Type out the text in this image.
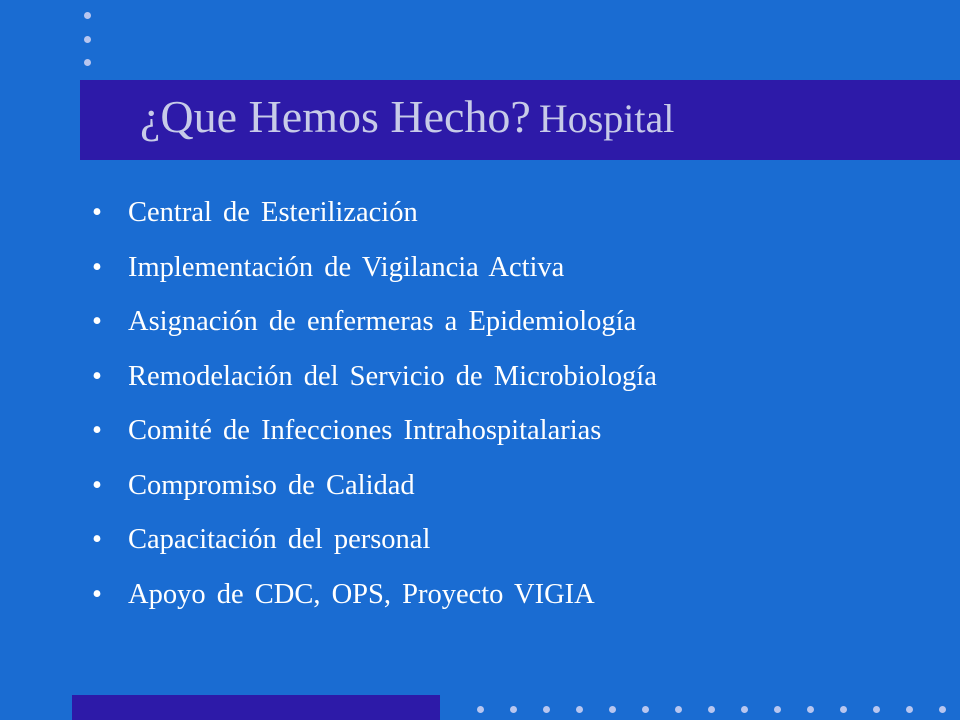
¿Que Hemos Hecho? Hospital
• Central de Esterilización
• Implementación de Vigilancia Activa
• Asignación de enfermeras a Epidemiología
• Remodelación del Servicio de Microbiología
• Comité de Infecciones Intrahospitalarias
• Compromiso de Calidad
• Capacitación del personal
• Apoyo de CDC, OPS, Proyecto VIGIA
